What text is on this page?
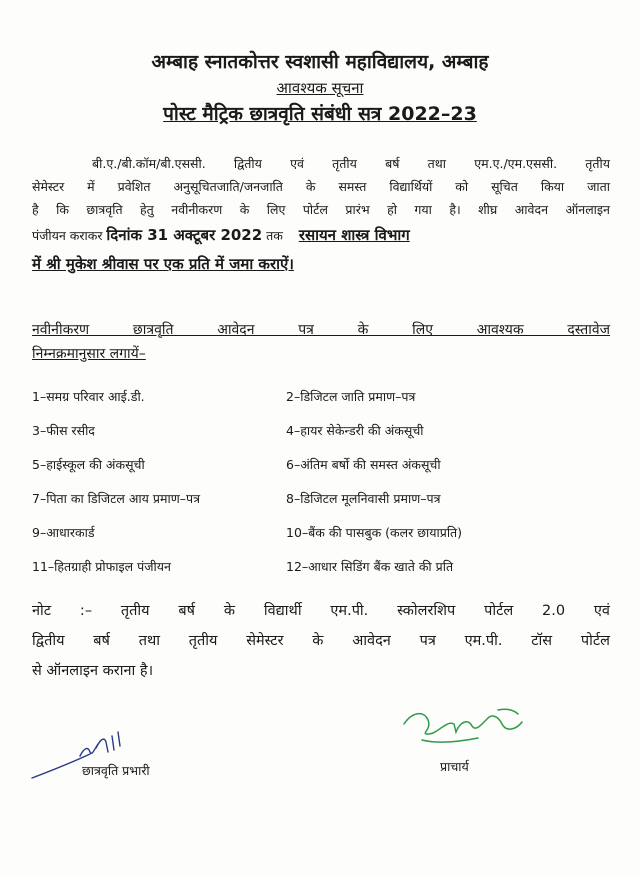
अम्बाह स्नातकोत्तर स्वशासी महाविद्यालय, अम्बाह
आवश्यक सूचना
पोस्ट मैट्रिक छात्रवृति संबंधी सत्र 2022–23
बी.ए./बी.कॉम/बी.एससी. द्वितीय एवं तृतीय बर्ष तथा एम.ए./एम.एससी. तृतीय
सेमेस्टर में प्रवेशित अनुसूचितजाति/जनजाति के समस्त विद्यार्थियों को सूचित किया जाता
है कि छात्रवृति हेतु नवीनीकरण के लिए पोर्टल प्रारंभ हो गया है। शीघ्र आवेदन ऑनलाइन
पंजीयन कराकर दिनांक 31 अक्टूबर 2022 तक रसायन शास्त्र विभाग
में श्री मुकेश श्रीवास पर एक प्रति में जमा कराऐं।
नवीनीकरण छात्रवृति आवेदन पत्र के लिए आवश्यक दस्तावेज
निम्नक्रमानुसार लगायें–
1–समग्र परिवार आई.डी.	2–डिजिटल जाति प्रमाण–पत्र
3–फीस रसीद	4–हायर सेकेन्डरी की अंकसूची
5–हाईस्कूल की अंकसूची	6–अंतिम बर्षो की समस्त अंकसूची
7–पिता का डिजिटल आय प्रमाण–पत्र	8–डिजिटल मूलनिवासी प्रमाण–पत्र
9–आधारकार्ड	10–बैंक की पासबुक (कलर छायाप्रति)
11–हितग्राही प्रोफाइल पंजीयन	12–आधार सिडिंग बैंक खाते की प्रति
नोट :– तृतीय बर्ष के विद्यार्थी एम.पी. स्कोलरशिप पोर्टल 2.0 एवं
द्वितीय बर्ष तथा तृतीय सेमेस्टर के आवेदन पत्र एम.पी. टॉस पोर्टल
से ऑनलाइन कराना है।
छात्रवृति प्रभारी	प्राचार्य
